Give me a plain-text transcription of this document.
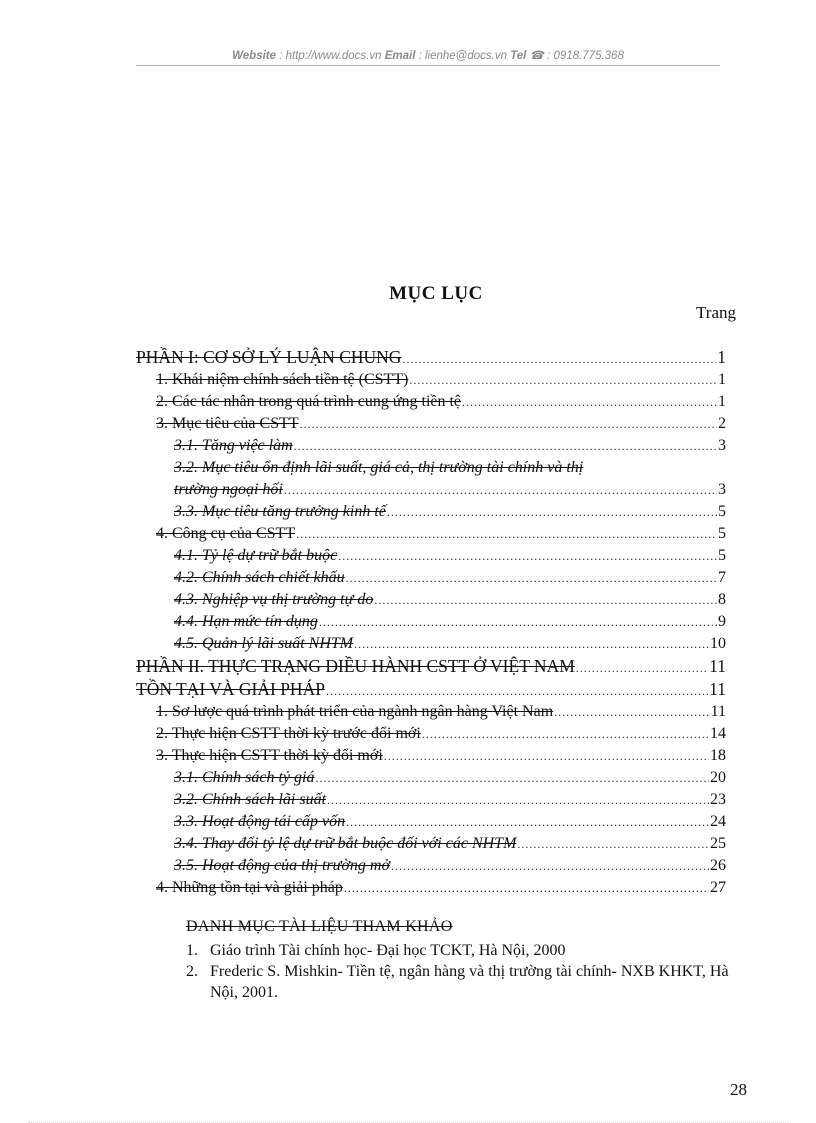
Website : http://www.docs.vn Email : lienhe@docs.vn Tel ☎ : 0918.775.368
MỤC LỤC
Trang
PHẦN I: CƠ SỞ LÝ LUẬN CHUNG .....	1
1. Khái niệm chính sách tiền tệ (CSTT) .....	1
2. Các tác nhân trong quá trình cung ứng tiền tệ .....	1
3. Mục tiêu của CSTT .....	2
3.1. Tăng việc làm .....	3
3.2. Mục tiêu ổn định lãi suất, giá cả, thị trường tài chính và thị
trường ngoại hối .....	3
3.3. Mục tiêu tăng trưởng kinh tế .....	5
4. Công cụ của CSTT .....	5
4.1. Tỷ lệ dự trữ bắt buộc .....	5
4.2. Chính sách chiết khấu .....	7
4.3. Nghiệp vụ thị trường tự do .....	8
4.4. Hạn mức tín dụng .....	9
4.5. Quản lý lãi suất NHTM .....	10
PHẦN II. THỰC TRẠNG ĐIỀU HÀNH CSTT Ở VIỆT NAM .....	11
TỒN TẠI VÀ GIẢI PHÁP .....	11
1. Sơ lược quá trình phát triển của ngành ngân hàng Việt Nam .....	11
2. Thực hiện CSTT thời kỳ trước đổi mới .....	14
3. Thực hiện CSTT thời kỳ đổi mới .....	18
3.1. Chính sách tỷ giá .....	20
3.2. Chính sách lãi suất .....	23
3.3. Hoạt động tái cấp vốn .....	24
3.4. Thay đổi tỷ lệ dự trữ bắt buộc đối với các NHTM .....	25
3.5. Hoạt động của thị trường mở .....	26
4. Những tồn tại và giải pháp .....	27
DANH MỤC TÀI LIỆU THAM KHẢO
1. Giáo trình Tài chính học- Đại học TCKT, Hà Nội, 2000
2. Frederic S. Mishkin- Tiền tệ, ngân hàng và thị trường tài chính- NXB KHKT, Hà Nội, 2001.
28
